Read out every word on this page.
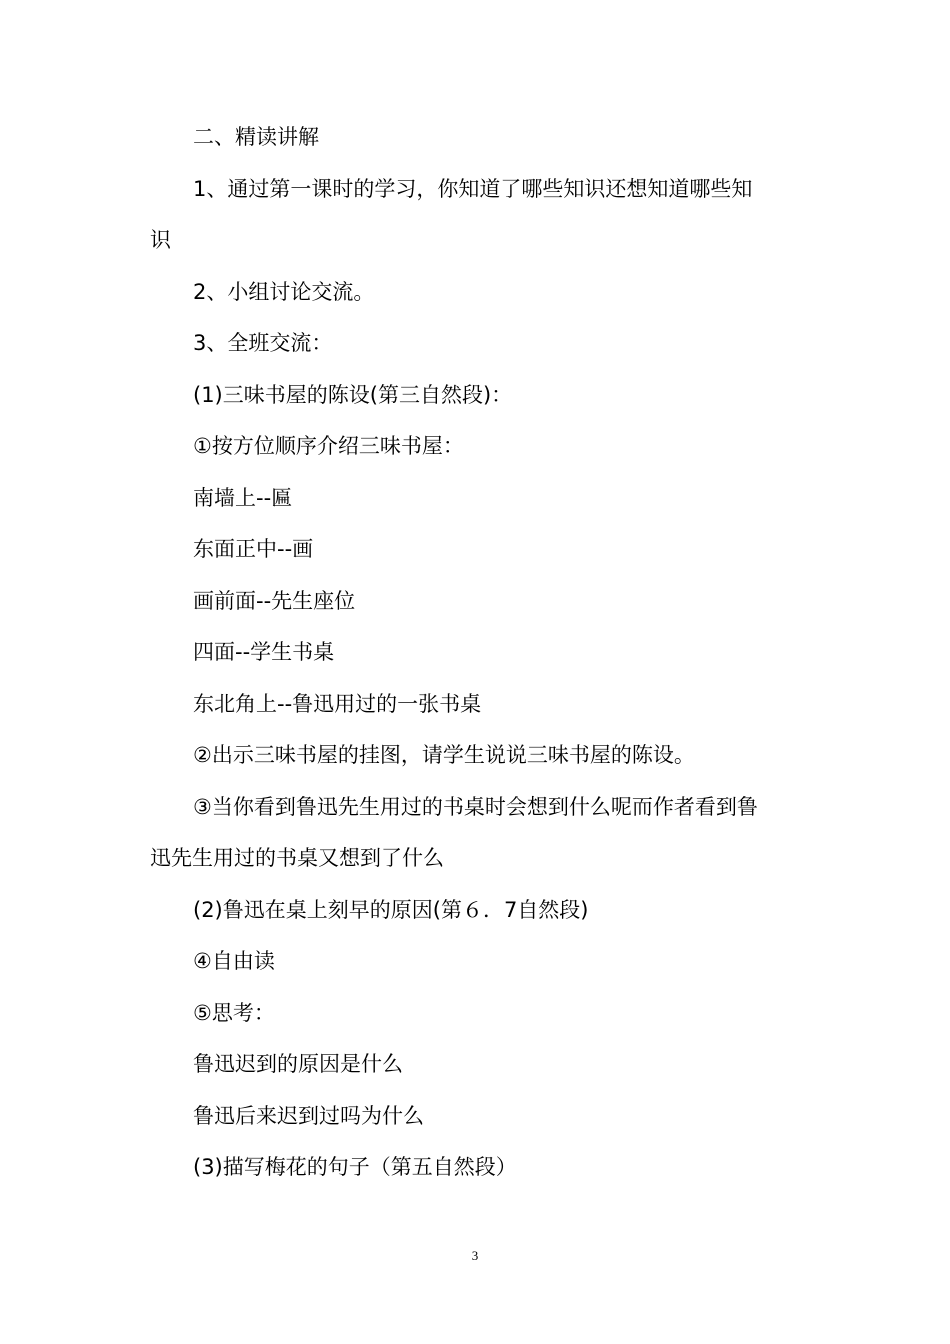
二、精读讲解

1、通过第一课时的学习，你知道了哪些知识还想知道哪些知

识

2、小组讨论交流。

3、全班交流：

(1)三味书屋的陈设(第三自然段)：

①按方位顺序介绍三味书屋：

南墙上--匾

东面正中--画

画前面--先生座位

四面--学生书桌

东北角上--鲁迅用过的一张书桌

②出示三味书屋的挂图，请学生说说三味书屋的陈设。

③当你看到鲁迅先生用过的书桌时会想到什么呢而作者看到鲁

迅先生用过的书桌又想到了什么

(2)鲁迅在桌上刻早的原因(第６．7自然段)

④自由读

⑤思考：

鲁迅迟到的原因是什么

鲁迅后来迟到过吗为什么

(3)描写梅花的句子（第五自然段）

3
